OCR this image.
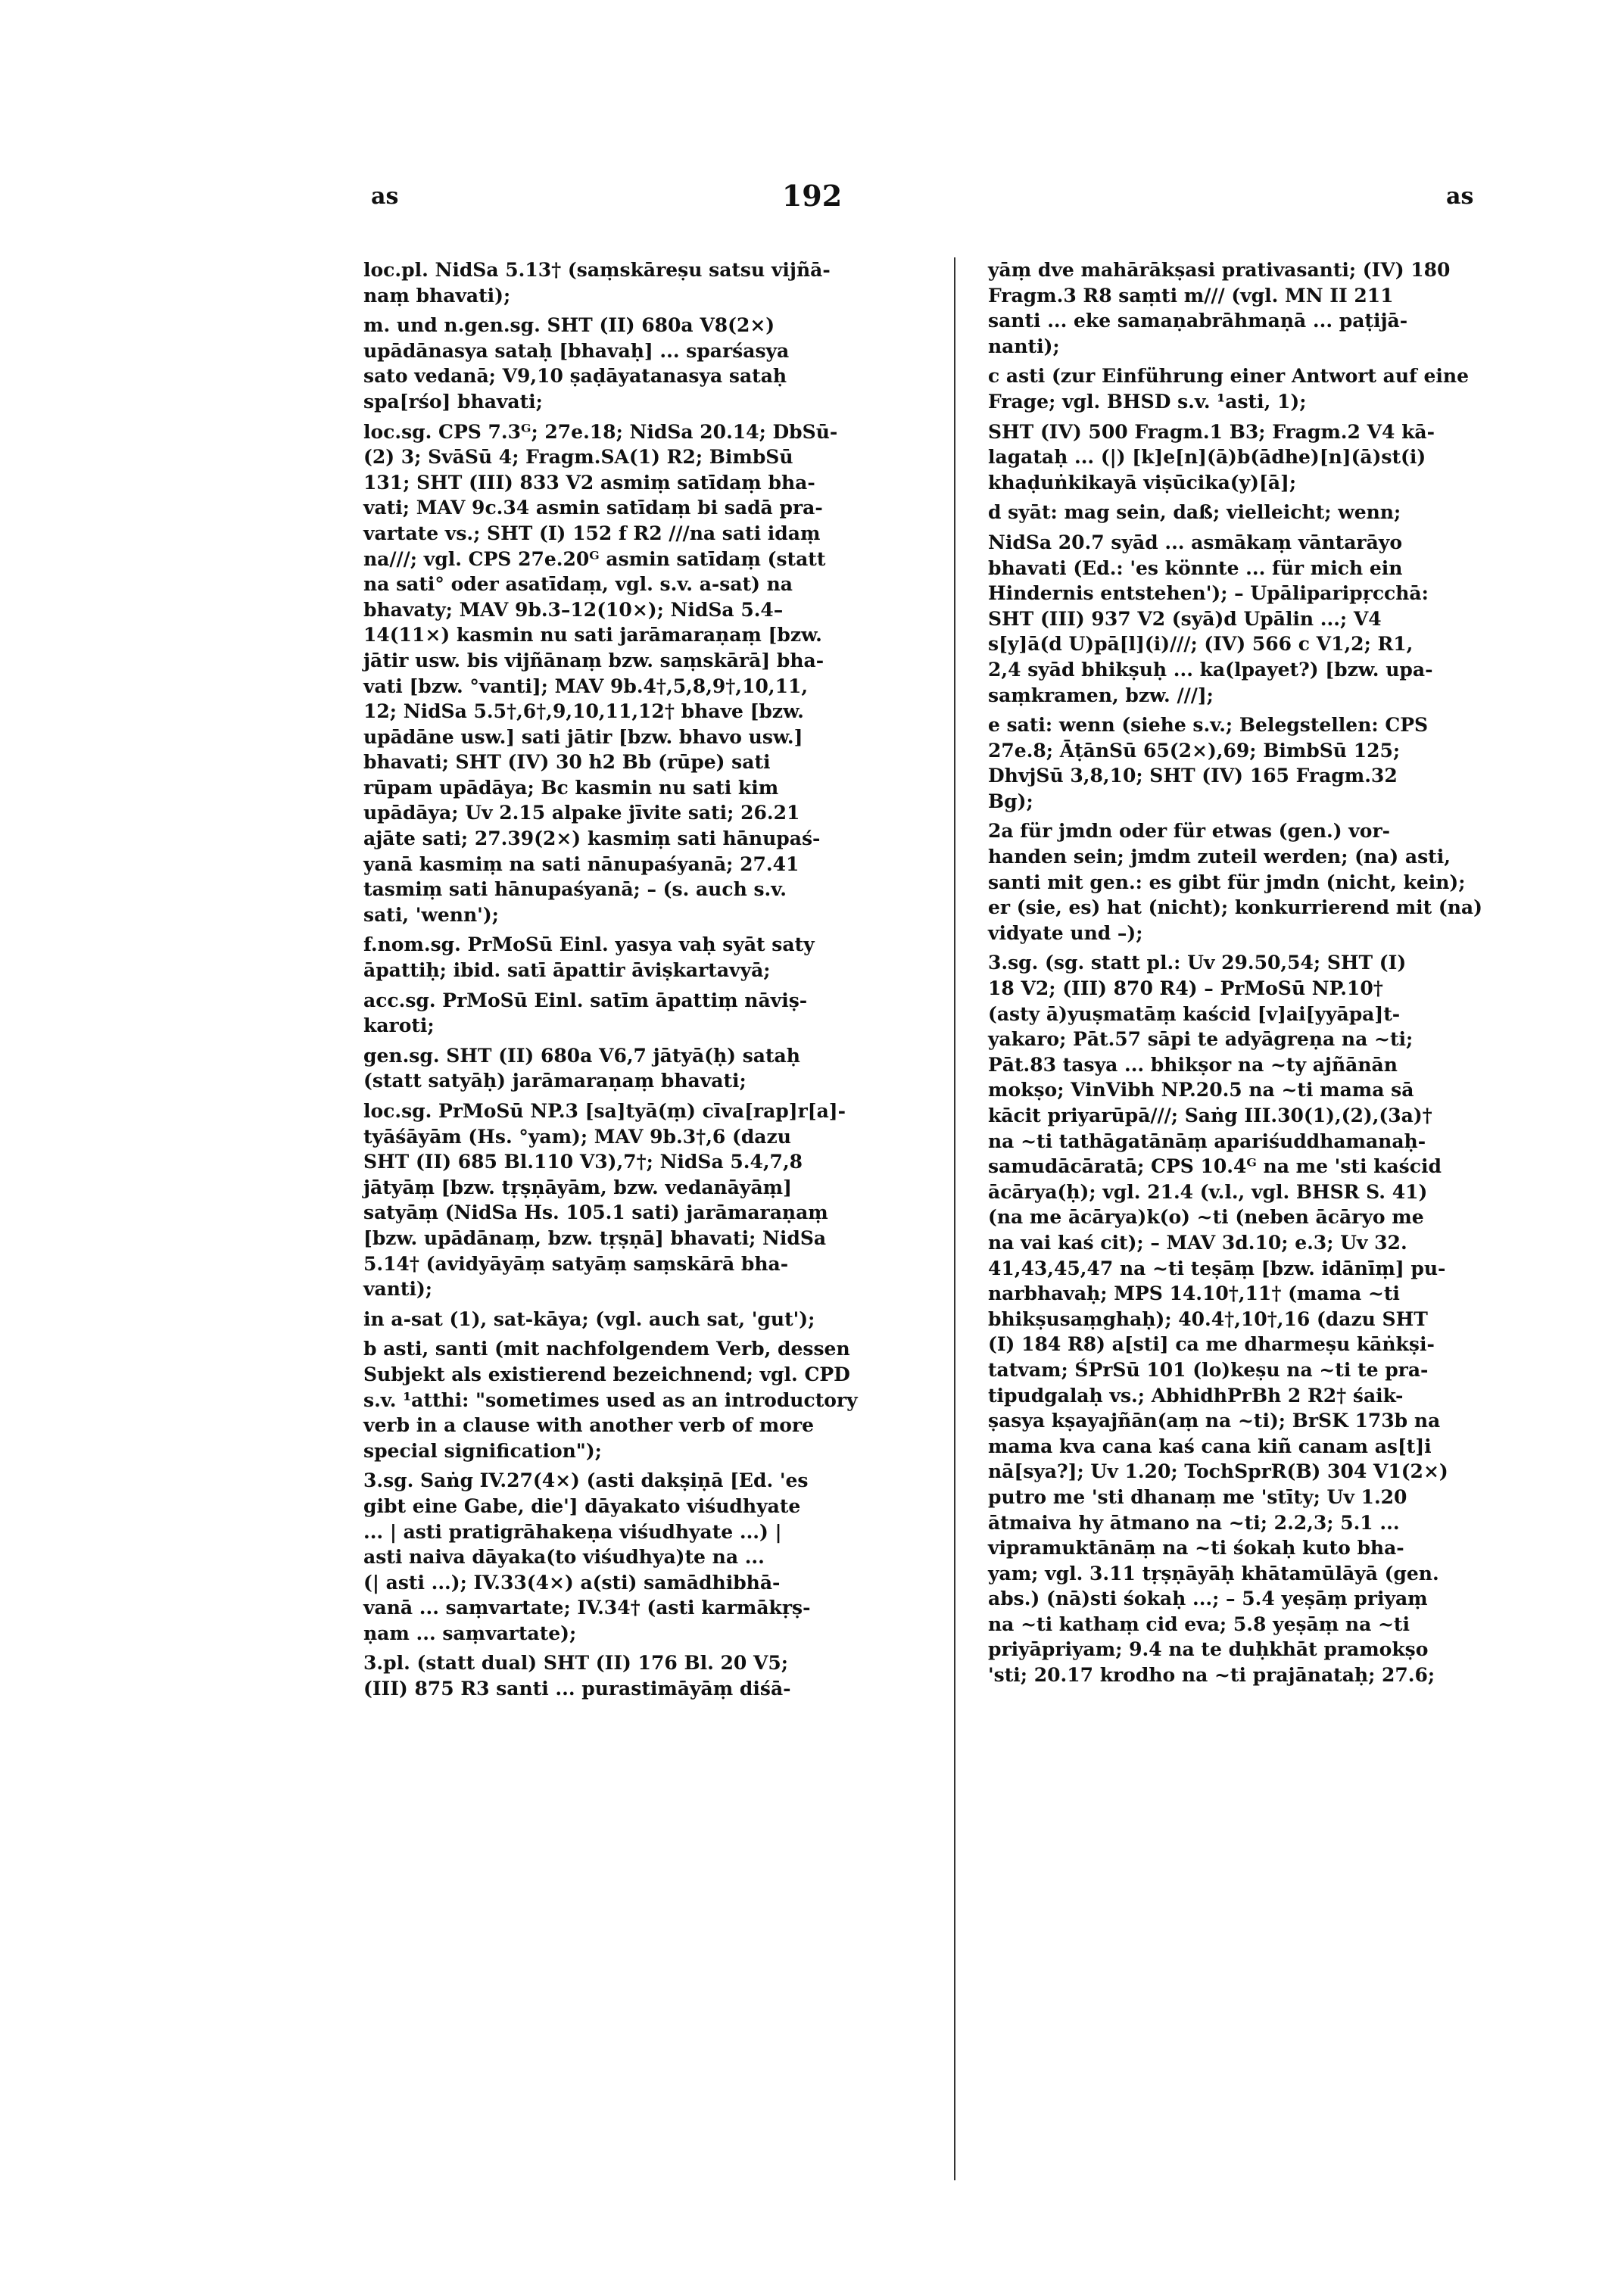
as	192	as
loc.pl. NidSa 5.13† (saṃskāreṣu satsu vijñā-
naṃ bhavati);
m. und n.gen.sg. SHT (II) 680a V8(2×)
upādānasya sataḥ [bhavaḥ] ... sparśasya
sato vedanā; V9,10 ṣaḍāyatanasya sataḥ
spa[rśo] bhavati;
loc.sg. CPS 7.3ᴳ; 27e.18; NidSa 20.14; DbSū-
(2) 3; SvāSū 4; Fragm.SA(1) R2; BimbSū
131; SHT (III) 833 V2 asmiṃ satīdaṃ bha-
vati; MAV 9c.34 asmin satīdaṃ bi sadā pra-
vartate vs.; SHT (I) 152 f R2 ///na sati idaṃ
na///; vgl. CPS 27e.20ᴳ asmin satīdaṃ (statt
na sati° oder asatīdaṃ, vgl. s.v. a-sat) na
bhavaty; MAV 9b.3–12(10×); NidSa 5.4–
14(11×) kasmin nu sati jarāmaraṇaṃ [bzw.
jātir usw. bis vijñānaṃ bzw. saṃskārā] bha-
vati [bzw. °vanti]; MAV 9b.4†,5,8,9†,10,11,
12; NidSa 5.5†,6†,9,10,11,12† bhave [bzw.
upādāne usw.] sati jātir [bzw. bhavo usw.]
bhavati; SHT (IV) 30 h2 Bb (rūpe) sati
rūpam upādāya; Bc kasmin nu sati kim
upādāya; Uv 2.15 alpake jīvite sati; 26.21
ajāte sati; 27.39(2×) kasmiṃ sati hānupaś-
yanā kasmiṃ na sati nānupaśyanā; 27.41
tasmiṃ sati hānupaśyanā; – (s. auch s.v.
sati, 'wenn');
f.nom.sg. PrMoSū Einl. yasya vaḥ syāt saty
āpattiḥ; ibid. satī āpattir āviṣkartavyā;
acc.sg. PrMoSū Einl. satīm āpattiṃ nāviṣ-
karoti;
gen.sg. SHT (II) 680a V6,7 jātyā(ḥ) sataḥ
(statt satyāḥ) jarāmaraṇaṃ bhavati;
loc.sg. PrMoSū NP.3 [sa]tyā(ṃ) cīva[rap]r[a]-
tyāśāyām (Hs. °yam); MAV 9b.3†,6 (dazu
SHT (II) 685 Bl.110 V3),7†; NidSa 5.4,7,8
jātyāṃ [bzw. tṛṣṇāyām, bzw. vedanāyāṃ]
satyāṃ (NidSa Hs. 105.1 sati) jarāmaraṇaṃ
[bzw. upādānaṃ, bzw. tṛṣṇā] bhavati; NidSa
5.14† (avidyāyāṃ satyāṃ saṃskārā bha-
vanti);
in a-sat (1), sat-kāya; (vgl. auch sat, 'gut');
b asti, santi (mit nachfolgendem Verb, dessen
Subjekt als existierend bezeichnend; vgl. CPD
s.v. ¹atthi: "sometimes used as an introductory
verb in a clause with another verb of more
special signification");
3.sg. Saṅg IV.27(4×) (asti dakṣiṇā [Ed. 'es
gibt eine Gabe, die'] dāyakato viśudhyate
... | asti pratigrāhakeṇa viśudhyate ...) |
asti naiva dāyaka(to viśudhya)te na ...
(| asti ...); IV.33(4×) a(sti) samādhibhā-
vanā ... saṃvartate; IV.34† (asti karmākṛṣ-
ṇam ... saṃvartate);
3.pl. (statt dual) SHT (II) 176 Bl. 20 V5;
(III) 875 R3 santi ... purastimāyāṃ diśā-
yāṃ dve mahārākṣasi prativasanti; (IV) 180
Fragm.3 R8 saṃti m/// (vgl. MN II 211
santi ... eke samaṇabrāhmaṇā ... paṭijā-
nanti);
c asti (zur Einführung einer Antwort auf eine
Frage; vgl. BHSD s.v. ¹asti, 1);
SHT (IV) 500 Fragm.1 B3; Fragm.2 V4 kā-
lagataḥ ... (|) [k]e[n](ā)b(ādhe)[n](ā)st(i)
khaḍuṅkikayā viṣūcika(y)[ā];
d syāt: mag sein, daß; vielleicht; wenn;
NidSa 20.7 syād ... asmākaṃ vāntarāyo
bhavati (Ed.: 'es könnte ... für mich ein
Hindernis entstehen'); – Upāliparipṛcchā:
SHT (III) 937 V2 (syā)d Upālin ...; V4
s[y]ā(d U)pā[l](i)///; (IV) 566 c V1,2; R1,
2,4 syād bhikṣuḥ ... ka(lpayet?) [bzw. upa-
saṃkramen, bzw. ///];
e sati: wenn (siehe s.v.; Belegstellen: CPS
27e.8; ĀṭānSū 65(2×),69; BimbSū 125;
DhvjSū 3,8,10; SHT (IV) 165 Fragm.32
Bg);
2a für jmdn oder für etwas (gen.) vor-
handen sein; jmdm zuteil werden; (na) asti,
santi mit gen.: es gibt für jmdn (nicht, kein);
er (sie, es) hat (nicht); konkurrierend mit (na)
vidyate und –);
3.sg. (sg. statt pl.: Uv 29.50,54; SHT (I)
18 V2; (III) 870 R4) – PrMoSū NP.10†
(asty ā)yuṣmatāṃ kaścid [v]ai[yyāpa]t-
yakaro; Pāt.57 sāpi te adyāgreṇa na ~ti;
Pāt.83 tasya ... bhikṣor na ~ty ajñānān
mokṣo; VinVibh NP.20.5 na ~ti mama sā
kācit priyarūpā///; Saṅg III.30(1),(2),(3a)†
na ~ti tathāgatānāṃ apariśuddhamanaḥ-
samudācāratā; CPS 10.4ᴳ na me 'sti kaścid
ācārya(ḥ); vgl. 21.4 (v.l., vgl. BHSR S. 41)
(na me ācārya)k(o) ~ti (neben ācāryo me
na vai kaś cit); – MAV 3d.10; e.3; Uv 32.
41,43,45,47 na ~ti teṣāṃ [bzw. idānīṃ] pu-
narbhavaḥ; MPS 14.10†,11† (mama ~ti
bhikṣusaṃghaḥ); 40.4†,10†,16 (dazu SHT
(I) 184 R8) a[sti] ca me dharmeṣu kāṅkṣi-
tatvam; ŚPrSū 101 (lo)keṣu na ~ti te pra-
tipudgalaḥ vs.; AbhidhPrBh 2 R2† śaik-
ṣasya kṣayajñān(aṃ na ~ti); BrSK 173b na
mama kva cana kaś cana kiñ canam as[t]i
nā[sya?]; Uv 1.20; TochSprR(B) 304 V1(2×)
putro me 'sti dhanaṃ me 'stīty; Uv 1.20
ātmaiva hy ātmano na ~ti; 2.2,3; 5.1 ...
vipramuktānāṃ na ~ti śokaḥ kuto bha-
yam; vgl. 3.11 tṛṣṇāyāḥ khātamūlāyā (gen.
abs.) (nā)sti śokaḥ ...; – 5.4 yeṣāṃ priyaṃ
na ~ti kathaṃ cid eva; 5.8 yeṣāṃ na ~ti
priyāpriyam; 9.4 na te duḥkhāt pramokṣo
'sti; 20.17 krodho na ~ti prajānataḥ; 27.6;
